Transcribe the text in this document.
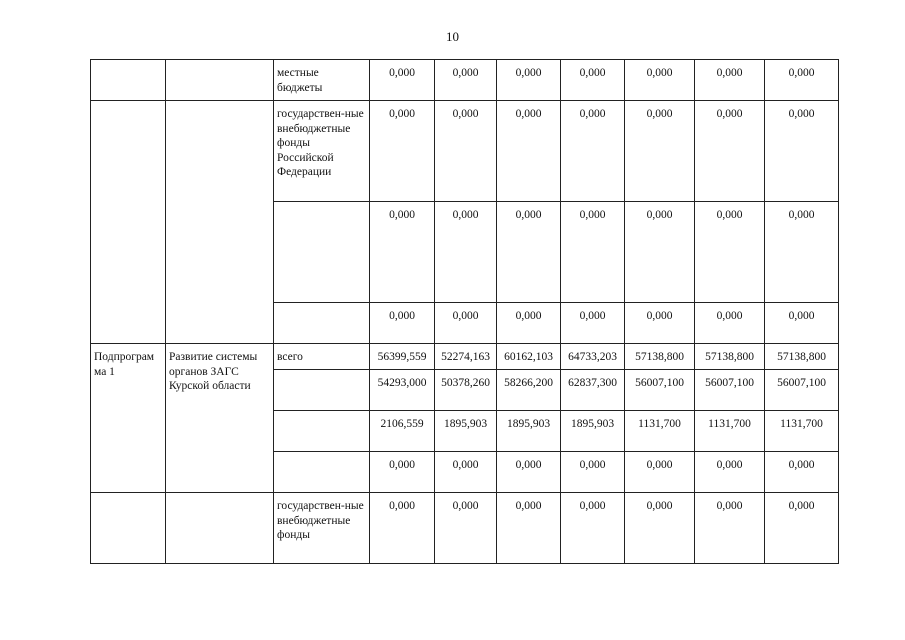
10
		местные бюджеты	0,000	0,000	0,000	0,000	0,000	0,000	0,000
		государствен-ные внебюджетные фонды Российской Федерации	0,000	0,000	0,000	0,000	0,000	0,000	0,000
			0,000	0,000	0,000	0,000	0,000	0,000	0,000
			0,000	0,000	0,000	0,000	0,000	0,000	0,000
Подпрограм ма 1	Развитие системы органов ЗАГС Курской области	всего	56399,559	52274,163	60162,103	64733,203	57138,800	57138,800	57138,800
			54293,000	50378,260	58266,200	62837,300	56007,100	56007,100	56007,100
			2106,559	1895,903	1895,903	1895,903	1131,700	1131,700	1131,700
			0,000	0,000	0,000	0,000	0,000	0,000	0,000
		государствен-ные внебюджетные фонды	0,000	0,000	0,000	0,000	0,000	0,000	0,000
